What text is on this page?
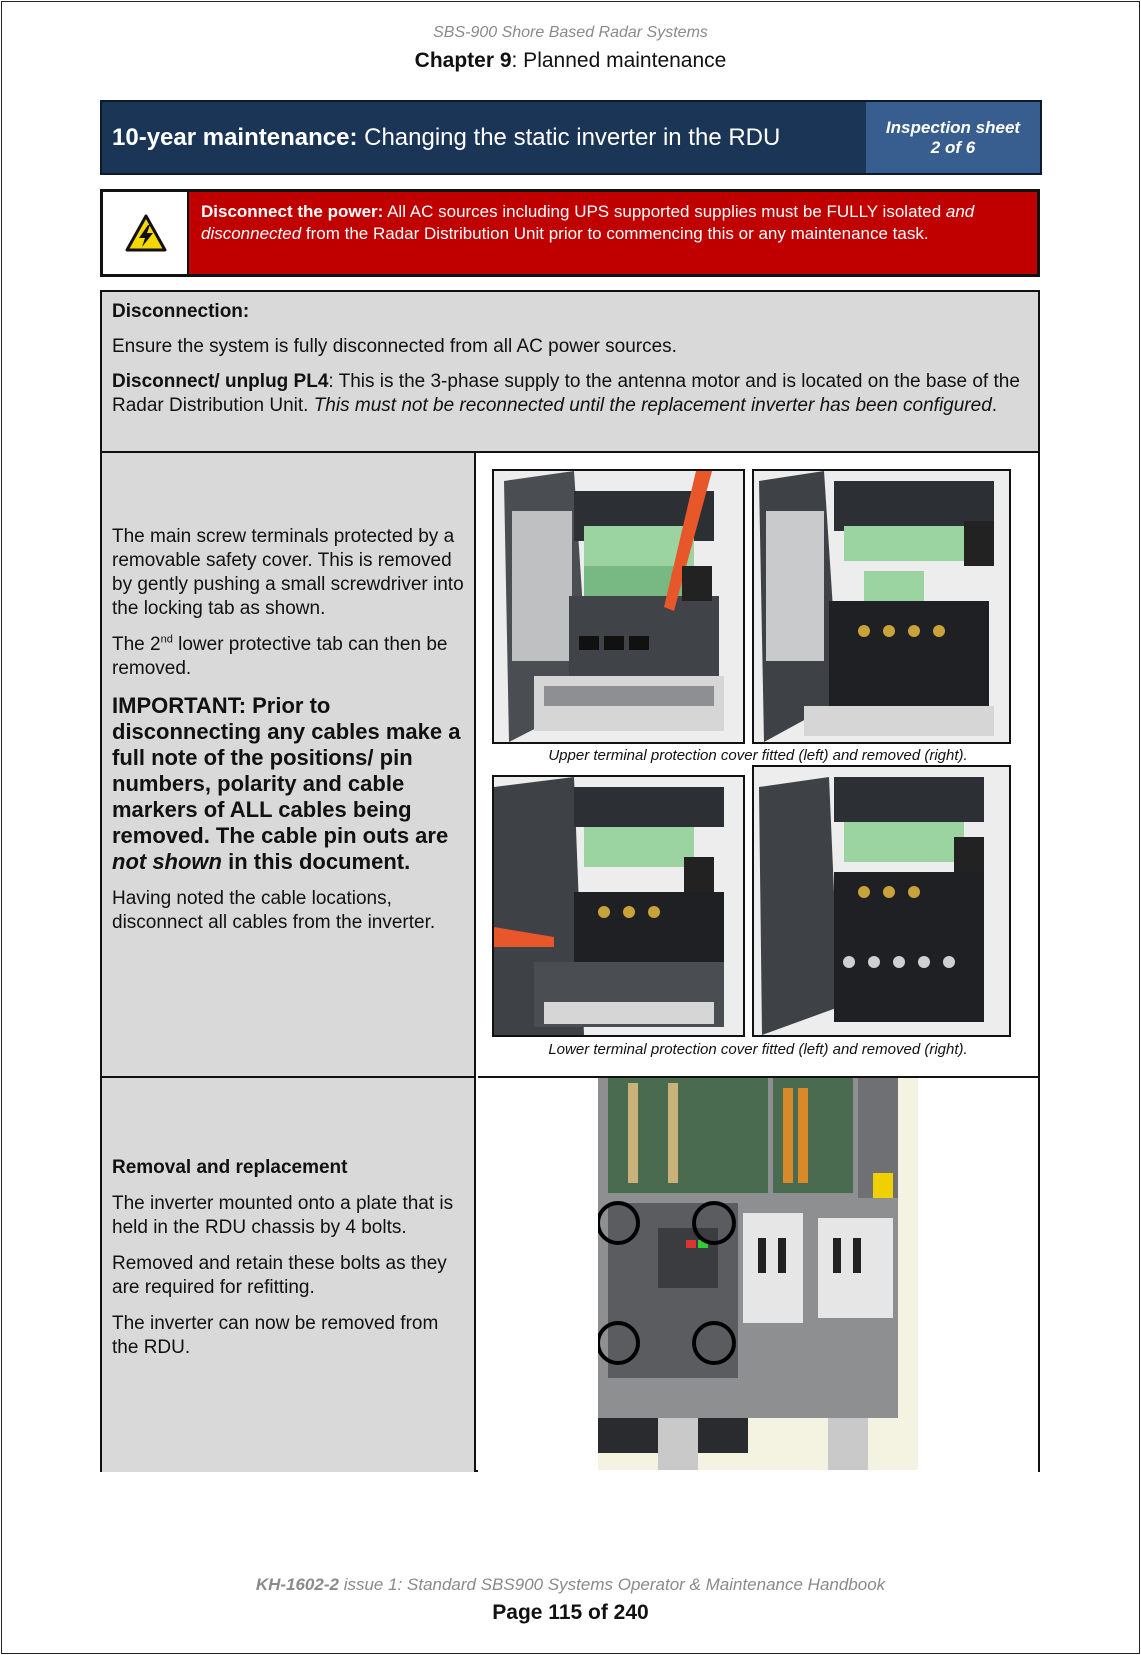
SBS-900 Shore Based Radar Systems
Chapter 9: Planned maintenance
10-year maintenance: Changing the static inverter in the RDU	Inspection sheet
2 of 6
Disconnect the power: All AC sources including UPS supported supplies must be FULLY isolated and disconnected from the Radar Distribution Unit prior to commencing this or any maintenance task.

Disconnection:

Ensure the system is fully disconnected from all AC power sources.

Disconnect/ unplug PL4: This is the 3-phase supply to the antenna motor and is located on the base of the Radar Distribution Unit. This must not be reconnected until the replacement inverter has been configured.

The main screw terminals protected by a removable safety cover. This is removed by gently pushing a small screwdriver into the locking tab as shown.

The 2nd lower protective tab can then be removed.

IMPORTANT: Prior to disconnecting any cables make a full note of the positions/ pin numbers, polarity and cable markers of ALL cables being removed. The cable pin outs are not shown in this document.

Having noted the cable locations, disconnect all cables from the inverter.

Upper terminal protection cover fitted (left) and removed (right).
Lower terminal protection cover fitted (left) and removed (right).

Removal and replacement

The inverter mounted onto a plate that is held in the RDU chassis by 4 bolts.

Removed and retain these bolts as they are required for refitting.

The inverter can now be removed from the RDU.

KH-1602-2 issue 1: Standard SBS900 Systems Operator & Maintenance Handbook
Page 115 of 240
